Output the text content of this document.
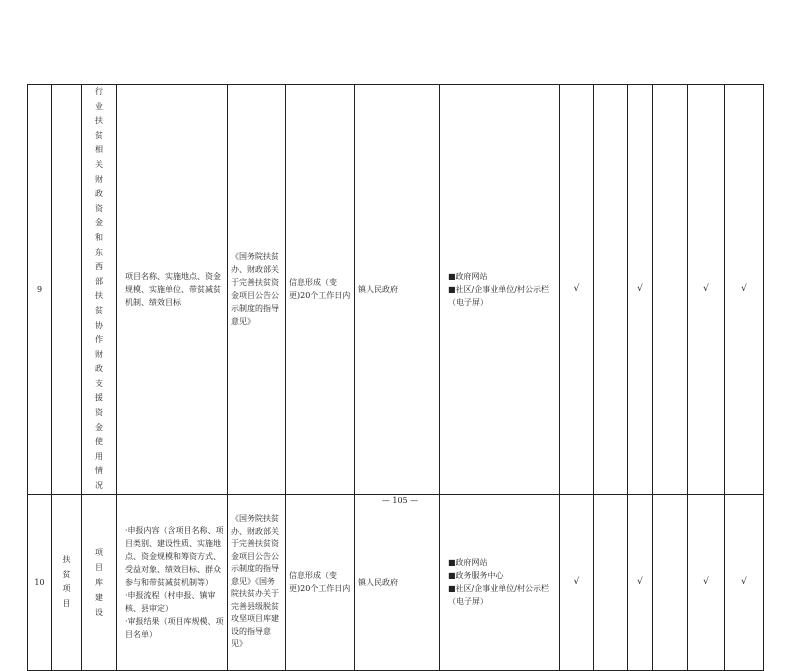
9		行业扶贫相关财政资金和东西部扶贫协作财政支援资金使用情况	项目名称、实施地点、资金规模、实施单位、带贫减贫机制、绩效目标	《国务院扶贫办、财政部关于完善扶贫资金项目公告公示制度的指导意见》	信息形成（变更)20个工作日内	镇人民政府	■政府网站
■社区/企事业单位/村公示栏（电子屏）	√		√		√	√
10	扶贫项目	项目库建设	·申报内容（含项目名称、项目类别、建设性质、实施地点、资金规模和筹资方式、受益对象、绩效目标、群众参与和带贫减贫机制等）
·申报流程（村申报、镇审核、县审定）
·审报结果（项目库规模、项目名单）	《国务院扶贫办、财政部关于完善扶贫资金项目公告公示制度的指导意见》《国务院扶贫办关于完善县级脱贫攻坚项目库建设的指导意见》	信息形成（变更)20个工作日内	镇人民政府	■政府网站
■政务服务中心
■社区/企事业单位/村公示栏（电子屏）	√		√		√	√
— 105 —
